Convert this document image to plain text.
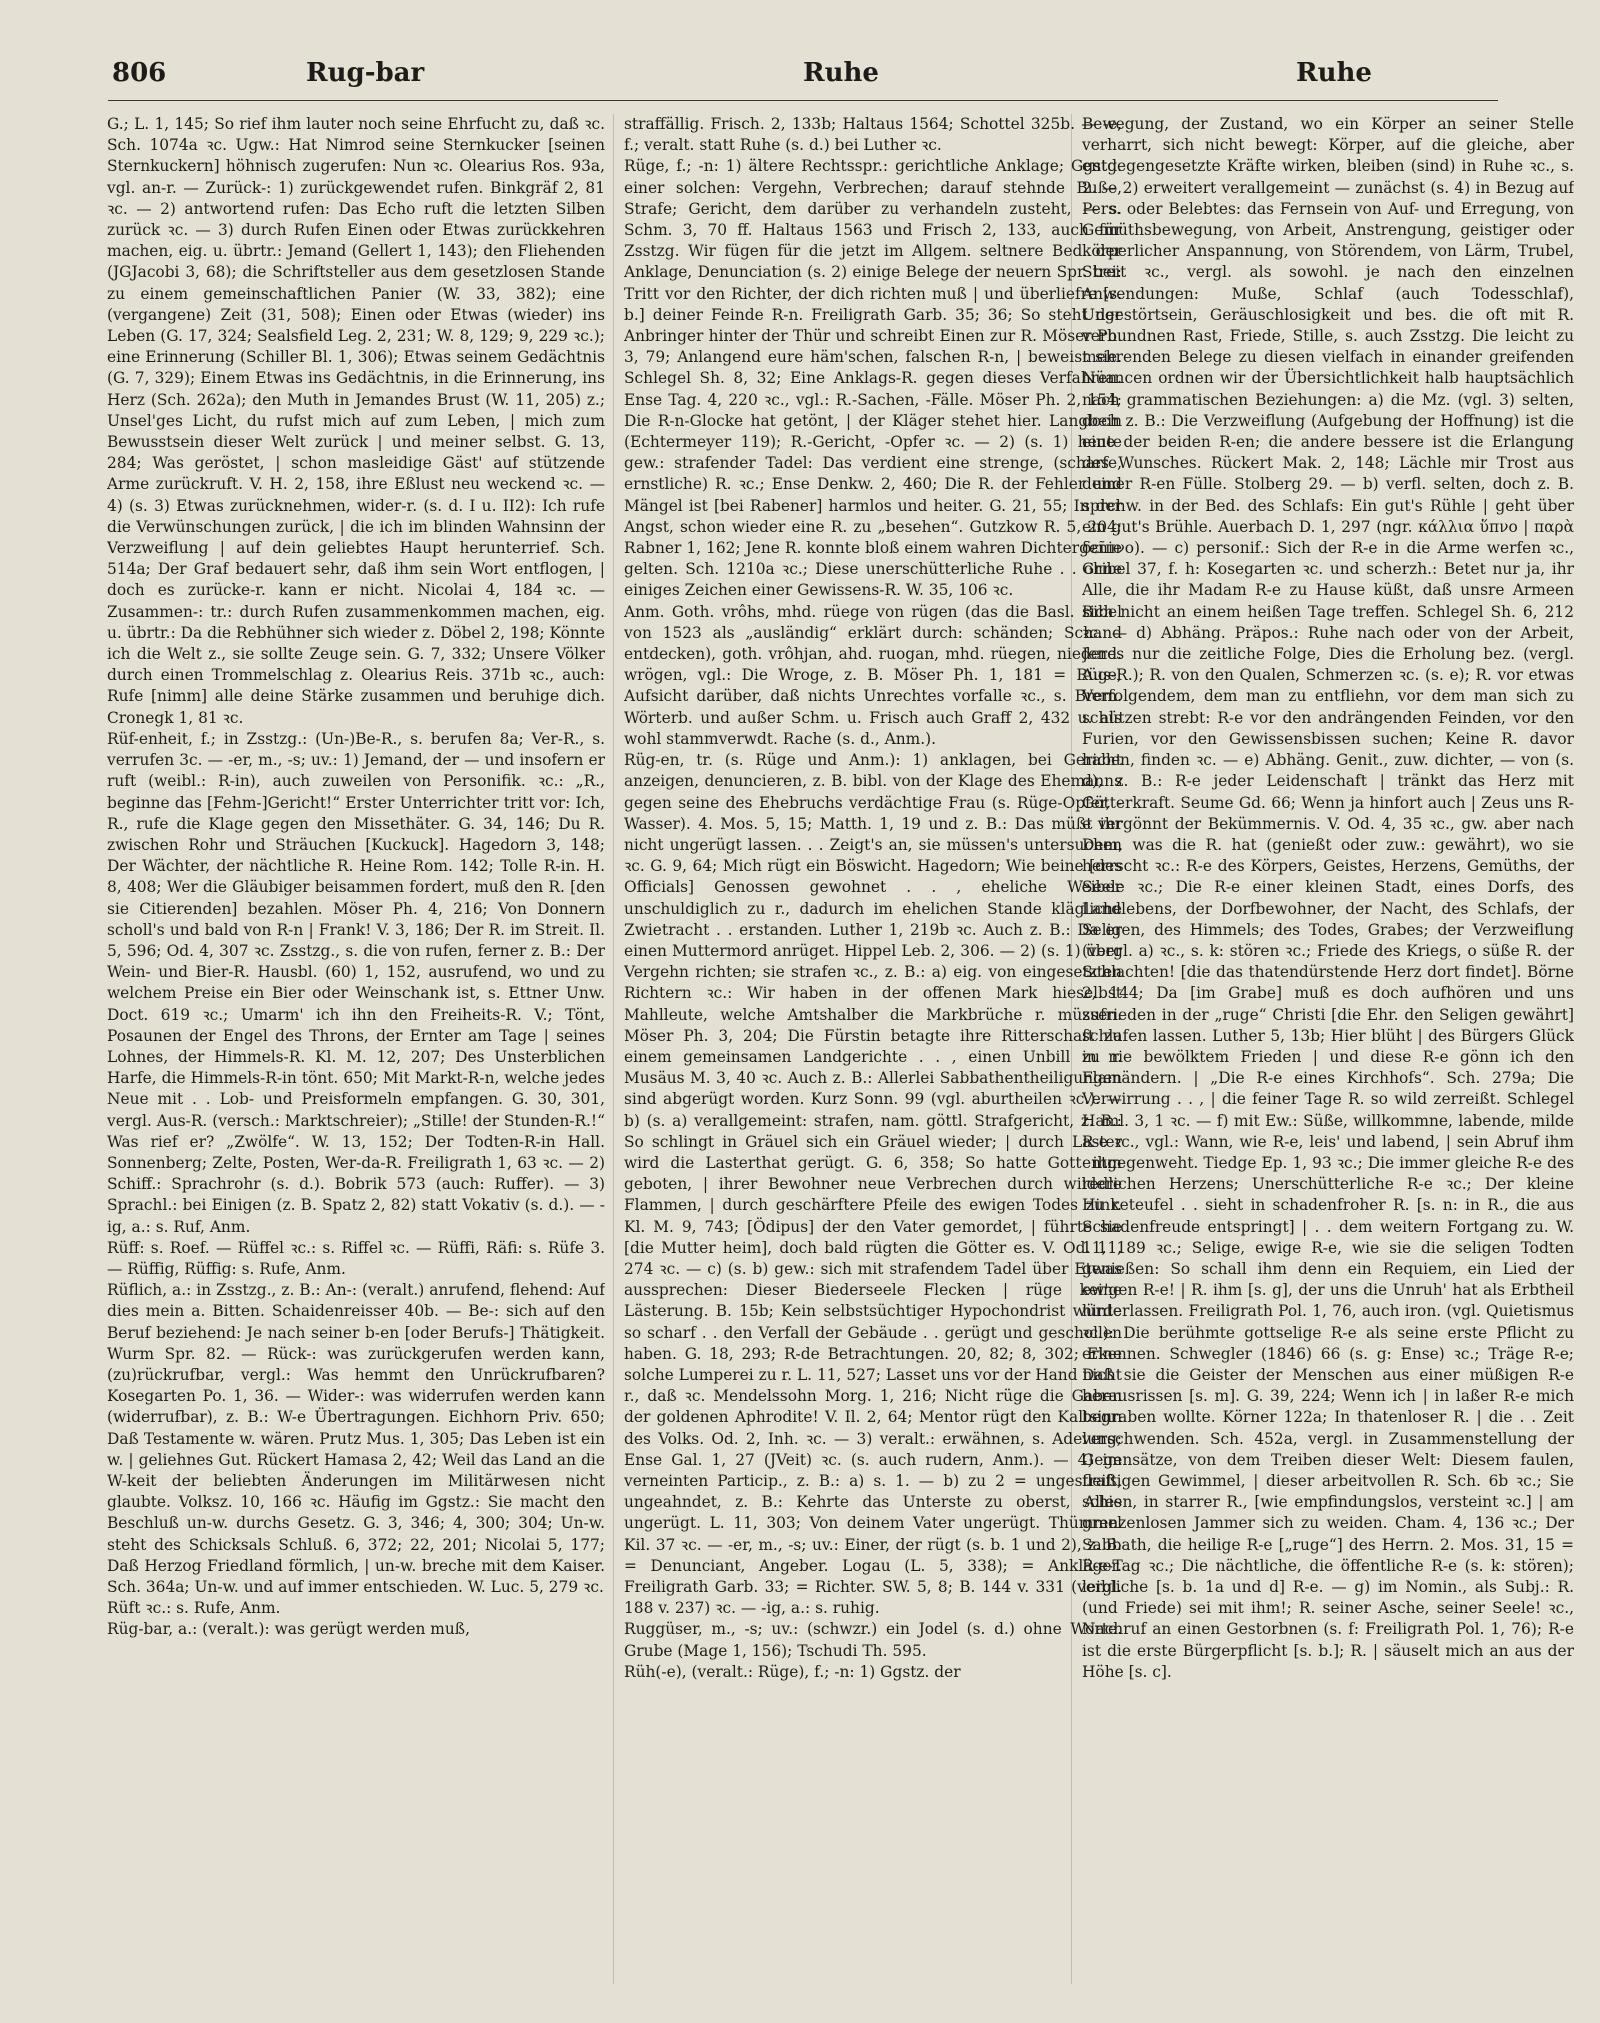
806	Rug-bar	Ruhe	Ruhe

G.; L. 1, 145; So rief ihm lauter noch seine Ehrfucht zu, daß ꝛc. Sch. 1074a ꝛc. Ugw.: Hat Nimrod seine Sternkucker [seinen Sternkuckern] höhnisch zugerufen: Nun ꝛc. Olearius Ros. 93a, vgl. an-r. — Zurück-: 1) zurückgewendet rufen. Binkgräf 2, 81 ꝛc. — 2) antwortend rufen: Das Echo ruft die letzten Silben zurück ꝛc. — 3) durch Rufen Einen oder Etwas zurückkehren machen, eig. u. übrtr.: Jemand (Gellert 1, 143); den Fliehenden (JGJacobi 3, 68); die Schriftsteller aus dem gesetzlosen Stande zu einem gemeinschaftlichen Panier (W. 33, 382); eine (vergangene) Zeit (31, 508); Einen oder Etwas (wieder) ins Leben (G. 17, 324; Sealsfield Leg. 2, 231; W. 8, 129; 9, 229 ꝛc.); eine Erinnerung (Schiller Bl. 1, 306); Etwas seinem Gedächtnis (G. 7, 329); Einem Etwas ins Gedächtnis, in die Erinnerung, ins Herz (Sch. 262a); den Muth in Jemandes Brust (W. 11, 205) z.; Unsel'ges Licht, du rufst mich auf zum Leben, | mich zum Bewusstsein dieser Welt zurück | und meiner selbst. G. 13, 284; Was geröstet, | schon masleidige Gäst' auf stützende Arme zurückruft. V. H. 2, 158, ihre Eßlust neu weckend ꝛc. — 4) (s. 3) Etwas zurücknehmen, wider-r. (s. d. I u. II2): Ich rufe die Verwünschungen zurück, | die ich im blinden Wahnsinn der Verzweiflung | auf dein geliebtes Haupt herunterrief. Sch. 514a; Der Graf bedauert sehr, daß ihm sein Wort entflogen, | doch es zurücke-r. kann er nicht. Nicolai 4, 184 ꝛc. — Zusammen-: tr.: durch Rufen zusammenkommen machen, eig. u. übrtr.: Da die Rebhühner sich wieder z. Döbel 2, 198; Könnte ich die Welt z., sie sollte Zeuge sein. G. 7, 332; Unsere Völker durch einen Trommelschlag z. Olearius Reis. 371b ꝛc., auch: Rufe [nimm] alle deine Stärke zusammen und beruhige dich. Cronegk 1, 81 ꝛc.

Rüf-enheit, f.; in Zsstzg.: (Un-)Be-R., s. berufen 8a; Ver-R., s. verrufen 3c. — -er, m., -s; uv.: 1) Jemand, der — und insofern er ruft (weibl.: R-in), auch zuweilen von Personifik. ꝛc.: „R., beginne das [Fehm-]Gericht!“ Erster Unterrichter tritt vor: Ich, R., rufe die Klage gegen den Missethäter. G. 34, 146; Du R. zwischen Rohr und Sträuchen [Kuckuck]. Hagedorn 3, 148; Der Wächter, der nächtliche R. Heine Rom. 142; Tolle R-in. H. 8, 408; Wer die Gläubiger beisammen fordert, muß den R. [den sie Citierenden] bezahlen. Möser Ph. 4, 216; Von Donnern scholl's und bald von R-n | Frank! V. 3, 186; Der R. im Streit. Il. 5, 596; Od. 4, 307 ꝛc. Zsstzg., s. die von rufen, ferner z. B.: Der Wein- und Bier-R. Hausbl. (60) 1, 152, ausrufend, wo und zu welchem Preise ein Bier oder Weinschank ist, s. Ettner Unw. Doct. 619 ꝛc.; Umarm' ich ihn den Freiheits-R. V.; Tönt, Posaunen der Engel des Throns, der Ernter am Tage | seines Lohnes, der Himmels-R. Kl. M. 12, 207; Des Unsterblichen Harfe, die Himmels-R-in tönt. 650; Mit Markt-R-n, welche jedes Neue mit . . Lob- und Preisformeln empfangen. G. 30, 301, vergl. Aus-R. (versch.: Marktschreier); „Stille! der Stunden-R.!“ Was rief er? „Zwölfe“. W. 13, 152; Der Todten-R-in Hall. Sonnenberg; Zelte, Posten, Wer-da-R. Freiligrath 1, 63 ꝛc. — 2) Schiff.: Sprachrohr (s. d.). Bobrik 573 (auch: Ruffer). — 3) Sprachl.: bei Einigen (z. B. Spatz 2, 82) statt Vokativ (s. d.). — -ig, a.: s. Ruf, Anm.

Rüff: s. Roef. — Rüffel ꝛc.: s. Riffel ꝛc. — Rüffi, Räfi: s. Rüfe 3. — Rüffig, Rüffig: s. Rufe, Anm.

Rüflich, a.: in Zsstzg., z. B.: An-: (veralt.) anrufend, flehend: Auf dies mein a. Bitten. Schaidenreisser 40b. — Be-: sich auf den Beruf beziehend: Je nach seiner b-en [oder Berufs-] Thätigkeit. Wurm Spr. 82. — Rück-: was zurückgerufen werden kann, (zu)rückrufbar, vergl.: Was hemmt den Unrückrufbaren? Kosegarten Po. 1, 36. — Wider-: was widerrufen werden kann (widerrufbar), z. B.: W-e Übertragungen. Eichhorn Priv. 650; Daß Testamente w. wären. Prutz Mus. 1, 305; Das Leben ist ein w. | geliehnes Gut. Rückert Hamasa 2, 42; Weil das Land an die W-keit der beliebten Änderungen im Militärwesen nicht glaubte. Volksz. 10, 166 ꝛc. Häufig im Ggstz.: Sie macht den Beschluß un-w. durchs Gesetz. G. 3, 346; 4, 300; 304; Un-w. steht des Schicksals Schluß. 6, 372; 22, 201; Nicolai 5, 177; Daß Herzog Friedland förmlich, | un-w. breche mit dem Kaiser. Sch. 364a; Un-w. und auf immer entschieden. W. Luc. 5, 279 ꝛc.

Rüft ꝛc.: s. Rufe, Anm.

Rüg-bar, a.: (veralt.): was gerügt werden muß,

straffällig. Frisch. 2, 133b; Haltaus 1564; Schottel 325b. — -e, f.; veralt. statt Ruhe (s. d.) bei Luther ꝛc.

Rüge, f.; -n: 1) ältere Rechtsspr.: gerichtliche Anklage; Ggstd. einer solchen: Vergehn, Verbrechen; darauf stehnde Buße, Strafe; Gericht, dem darüber zu verhandeln zusteht, — s. Schm. 3, 70 ff. Haltaus 1563 und Frisch 2, 133, auch für Zsstzg. Wir fügen für die jetzt im Allgem. seltnere Bed. der Anklage, Denunciation (s. 2) einige Belege der neuern Spr. bei: Tritt vor den Richter, der dich richten muß | und überliefre [s. b.] deiner Feinde R-n. Freiligrath Garb. 35; 36; So steht der Anbringer hinter der Thür und schreibt Einen zur R. Möser Ph. 3, 79; Anlangend eure häm'schen, falschen R-n, | beweist sie. Schlegel Sh. 8, 32; Eine Anklags-R. gegen dieses Verfahren. Ense Tag. 4, 220 ꝛc., vgl.: R.-Sachen, -Fälle. Möser Ph. 2, 154; Die R-n-Glocke hat getönt, | der Kläger stehet hier. Langbein (Echtermeyer 119); R.-Gericht, -Opfer ꝛc. — 2) (s. 1) heute gew.: strafender Tadel: Das verdient eine strenge, (scharfe, ernstliche) R. ꝛc.; Ense Denkw. 2, 460; Die R. der Fehler und Mängel ist [bei Rabener] harmlos und heiter. G. 21, 55; In der Angst, schon wieder eine R. zu „besehen“. Gutzkow R. 5, 204; Rabner 1, 162; Jene R. konnte bloß einem wahren Dichtergenie gelten. Sch. 1210a ꝛc.; Diese unerschütterliche Ruhe . . ohne einiges Zeichen einer Gewissens-R. W. 35, 106 ꝛc.

Anm. Goth. vrôhs, mhd. rüege von rügen (das die Basl. Bibel von 1523 als „ausländig“ erklärt durch: schänden; Schand entdecken), goth. vrôhjan, ahd. ruogan, mhd. rüegen, niederd. wrögen, vgl.: Die Wroge, z. B. Möser Ph. 1, 181 = Rüge; Aufsicht darüber, daß nichts Unrechtes vorfalle ꝛc., s. Brem. Wörterb. und außer Schm. u. Frisch auch Graff 2, 432 u. als wohl stammverwdt. Rache (s. d., Anm.).

Rüg-en, tr. (s. Rüge und Anm.): 1) anklagen, bei Gericht anzeigen, denuncieren, z. B. bibl. von der Klage des Ehemanns gegen seine des Ehebruchs verdächtige Frau (s. Rüge-Opfer, -Wasser). 4. Mos. 5, 15; Matth. 1, 19 und z. B.: Das müßt ihr nicht ungerügt lassen. . . Zeigt's an, sie müssen's untersuchen ꝛc. G. 9, 64; Mich rügt ein Böswicht. Hagedorn; Wie beine [des Officials] Genossen gewohnet . . , eheliche Weiber unschuldiglich zu r., dadurch im ehelichen Stande klägliche Zwietracht . . erstanden. Luther 1, 219b ꝛc. Auch z. B.: Da er einen Muttermord anrüget. Hippel Leb. 2, 306. — 2) (s. 1) über Vergehn richten; sie strafen ꝛc., z. B.: a) eig. von eingesetzten Richtern ꝛc.: Wir haben in der offenen Mark hieselbst Mahlleute, welche Amtshalber die Markbrüche r. müssen. Möser Ph. 3, 204; Die Fürstin betagte ihre Ritterschaft zu einem gemeinsamen Landgerichte . . , einen Unbill zu r. Musäus M. 3, 40 ꝛc. Auch z. B.: Allerlei Sabbathentheiligungen sind abgerügt worden. Kurz Sonn. 99 (vgl. aburtheilen ꝛc.). — b) (s. a) verallgemeint: strafen, nam. göttl. Strafgericht, z. B.: So schlingt in Gräuel sich ein Gräuel wieder; | durch Laster wird die Lasterthat gerügt. G. 6, 358; So hatte Gott ihm geboten, | ihrer Bewohner neue Verbrechen durch wildere Flammen, | durch geschärftere Pfeile des ewigen Todes zu r. Kl. M. 9, 743; [Ödipus] der den Vater gemordet, | führte sie [die Mutter heim], doch bald rügten die Götter es. V. Od. 11, 274 ꝛc. — c) (s. b) gew.: sich mit strafendem Tadel über Etwas aussprechen: Dieser Biederseele Flecken | rüge keine Lästerung. B. 15b; Kein selbstsüchtiger Hypochondrist würde so scharf . . den Verfall der Gebäude . . gerügt und geschollen haben. G. 18, 293; R-de Betrachtungen. 20, 82; 8, 302; Eine solche Lumperei zu r. L. 11, 527; Lasset uns vor der Hand nicht r., daß ꝛc. Mendelssohn Morg. 1, 216; Nicht rüge die Gaben der goldenen Aphrodite! V. Il. 2, 64; Mentor rügt den Kaltsinn des Volks. Od. 2, Inh. ꝛc. — 3) veralt.: erwähnen, s. Adelung; Ense Gal. 1, 27 (JVeit) ꝛc. (s. auch rudern, Anm.). — 4) im verneinten Particip., z. B.: a) s. 1. — b) zu 2 = ungestraft, ungeahndet, z. B.: Kehrte das Unterste zu oberst, Alles ungerügt. L. 11, 303; Von deinem Vater ungerügt. Thümmel Kil. 37 ꝛc. — -er, m., -s; uv.: Einer, der rügt (s. b. 1 und 2), z. B. = Denunciant, Angeber. Logau (L. 5, 338); = Ankläger. Freiligrath Garb. 33; = Richter. SW. 5, 8; B. 144 v. 331 (vergl. 188 v. 237) ꝛc. — -ig, a.: s. ruhig.

Ruggüser, m., -s; uv.: (schwzr.) ein Jodel (s. d.) ohne Worte. Grube (Mage 1, 156); Tschudi Th. 595.

Rüh(-e), (veralt.: Rüge), f.; -n: 1) Ggstz. der

Bewegung, der Zustand, wo ein Körper an seiner Stelle verharrt, sich nicht bewegt: Körper, auf die gleiche, aber entgegengesetzte Kräfte wirken, bleiben (sind) in Ruhe ꝛc., s. 2. — 2) erweitert verallgemeint — zunächst (s. 4) in Bezug auf Pers. oder Belebtes: das Fernsein von Auf- und Erregung, von Gemüthsbewegung, von Arbeit, Anstrengung, geistiger oder körperlicher Anspannung, von Störendem, von Lärm, Trubel, Streit ꝛc., vergl. als sowohl. je nach den einzelnen Anwendungen: Muße, Schlaf (auch Todesschlaf), Ungestörtsein, Geräuschlosigkeit und bes. die oft mit R. verbundnen Rast, Friede, Stille, s. auch Zsstzg. Die leicht zu mehrenden Belege zu diesen vielfach in einander greifenden Nüancen ordnen wir der Übersichtlichkeit halb hauptsächlich nach grammatischen Beziehungen: a) die Mz. (vgl. 3) selten, doch z. B.: Die Verzweiflung (Aufgebung der Hoffnung) ist die eine der beiden R-en; die andere bessere ist die Erlangung des Wunsches. Rückert Mak. 2, 148; Lächle mir Trost aus deiner R-en Fülle. Stolberg 29. — b) verfl. selten, doch z. B. sprchw. in der Bed. des Schlafs: Ein gut's Rühle | geht über ein gut's Brühle. Auerbach D. 1, 297 (ngr. κάλλια ὕπνο | παρὰ δεῖπνο). — c) personif.: Sich der R-e in die Arme werfen ꝛc., Gribel 37, f. h: Kosegarten ꝛc. und scherzh.: Betet nur ja, ihr Alle, die ihr Madam R-e zu Hause küßt, daß unsre Armeen sich nicht an einem heißen Tage treffen. Schlegel Sh. 6, 212 ꝛc. — d) Abhäng. Präpos.: Ruhe nach oder von der Arbeit, Jenes nur die zeitliche Folge, Dies die Erholung bez. (vergl. Aus-R.); R. von den Qualen, Schmerzen ꝛc. (s. e); R. vor etwas Verfolgendem, dem man zu entfliehn, vor dem man sich zu schützen strebt: R-e vor den andrängenden Feinden, vor den Furien, vor den Gewissensbissen suchen; Keine R. davor haben, finden ꝛc. — e) Abhäng. Genit., zuw. dichter, — von (s. d), z. B.: R-e jeder Leidenschaft | tränkt das Herz mit Götterkraft. Seume Gd. 66; Wenn ja hinfort auch | Zeus uns R-e vergönnt der Bekümmernis. V. Od. 4, 35 ꝛc., gw. aber nach Dem, was die R. hat (genießt oder zuw.: gewährt), wo sie herrscht ꝛc.: R-e des Körpers, Geistes, Herzens, Gemüths, der Seele ꝛc.; Die R-e einer kleinen Stadt, eines Dorfs, des Landlebens, der Dorfbewohner, der Nacht, des Schlafs, der Seligen, des Himmels; des Todes, Grabes; der Verzweiflung (vergl. a) ꝛc., s. k: stören ꝛc.; Friede des Kriegs, o süße R. der Schlachten! [die das thatendürstende Herz dort findet]. Börne 2, 144; Da [im Grabe] muß es doch aufhören und uns zufrieden in der „ruge“ Christi [die Ehr. den Seligen gewährt] schlafen lassen. Luther 5, 13b; Hier blüht | des Bürgers Glück in nie bewölktem Frieden | und diese R-e gönn ich den Flamändern. | „Die R-e eines Kirchhofs“. Sch. 279a; Die Verwirrung . . , | die feiner Tage R. so wild zerreißt. Schlegel Haml. 3, 1 ꝛc. — f) mit Ew.: Süße, willkommne, labende, milde R-e ꝛc., vgl.: Wann, wie R-e, leis' und labend, | sein Abruf ihm entgegenweht. Tiedge Ep. 1, 93 ꝛc.; Die immer gleiche R-e des redlichen Herzens; Unerschütterliche R-e ꝛc.; Der kleine Hinketeufel . . sieht in schadenfroher R. [s. n: in R., die aus Schadenfreude entspringt] | . . dem weitern Fortgang zu. W. 11, 189 ꝛc.; Selige, ewige R-e, wie sie die seligen Todten genießen: So schall ihm denn ein Requiem, ein Lied der ew'gen R-e! | R. ihm [s. g], der uns die Unruh' hat als Erbtheil hinterlassen. Freiligrath Pol. 1, 76, auch iron. (vgl. Quietismus ꝛc.): Die berühmte gottselige R-e als seine erste Pflicht zu erkennen. Schwegler (1846) 66 (s. g: Ense) ꝛc.; Träge R-e; Daß sie die Geister der Menschen aus einer müßigen R-e herausrissen [s. m]. G. 39, 224; Wenn ich | in laßer R-e mich begraben wollte. Körner 122a; In thatenloser R. | die . . Zeit verschwenden. Sch. 452a, vergl. in Zusammenstellung der Gegensätze, von dem Treiben dieser Welt: Diesem faulen, fleißigen Gewimmel, | dieser arbeitvollen R. Sch. 6b ꝛc.; Sie schien, in starrer R., [wie empfindungslos, versteint ꝛc.] | am grenzenlosen Jammer sich zu weiden. Cham. 4, 136 ꝛc.; Der Sabbath, die heilige R-e [„ruge“] des Herrn. 2. Mos. 31, 15 = R-e-Tag ꝛc.; Die nächtliche, die öffentliche R-e (s. k: stören); leibliche [s. b. 1a und d] R-e. — g) im Nomin., als Subj.: R. (und Friede) sei mit ihm!; R. seiner Asche, seiner Seele! ꝛc., Nachruf an einen Gestorbnen (s. f: Freiligrath Pol. 1, 76); R-e ist die erste Bürgerpflicht [s. b.]; R. | säuselt mich an aus der Höhe [s. c].
